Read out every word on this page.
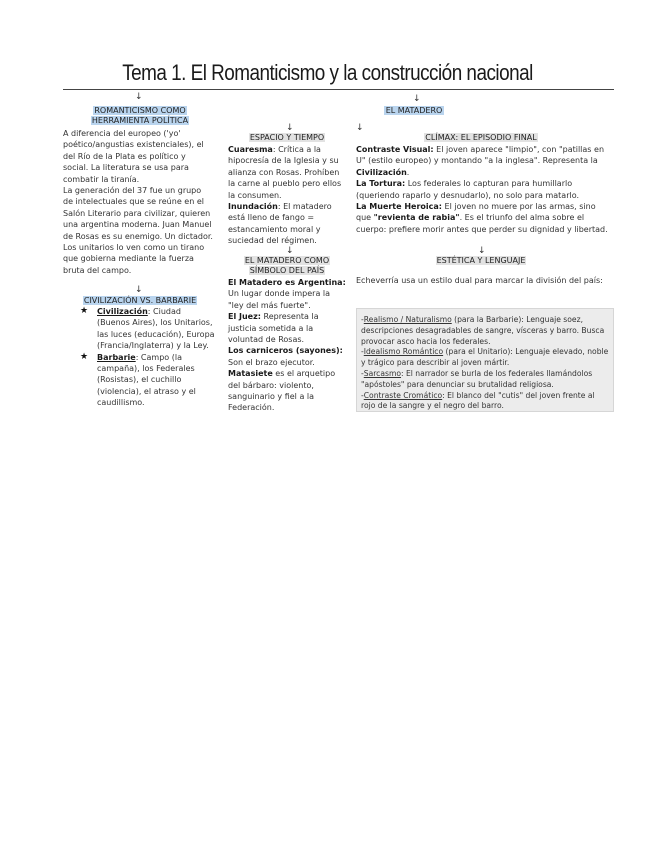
Tema 1. El Romanticismo y la construcción nacional
↓	↓
↓	↓
↓
↓	↓
ROMANTICISMO COMO
HERRAMIENTA POLÍTICA
A diferencia del europeo ('yo' poético/angustias existenciales), el del Río de la Plata es político y social. La literatura se usa para combatir la tiranía.
La generación del 37 fue un grupo de intelectuales que se reúne en el Salón Literario para civilizar, quieren una argentina moderna. Juan Manuel de Rosas es su enemigo. Un dictador. Los unitarios lo ven como un tirano que gobierna mediante la fuerza bruta del campo.
CIVILIZACIÓN VS. BARBARIE
★ Civilización: Ciudad (Buenos Aires), los Unitarios, las luces (educación), Europa (Francia/Inglaterra) y la Ley.
★ Barbarie: Campo (la campaña), los Federales (Rosistas), el cuchillo (violencia), el atraso y el caudillismo.
EL MATADERO
ESPACIO Y TIEMPO
Cuaresma: Crítica a la hipocresía de la Iglesia y su alianza con Rosas. Prohíben la carne al pueblo pero ellos la consumen.
Inundación: El matadero está lleno de fango = estancamiento moral y suciedad del régimen.
EL MATADERO COMO
SÍMBOLO DEL PAÍS
El Matadero es Argentina: Un lugar donde impera la "ley del más fuerte".
El Juez: Representa la justicia sometida a la voluntad de Rosas.
Los carniceros (sayones): Son el brazo ejecutor.
Matasiete es el arquetipo del bárbaro: violento, sanguinario y fiel a la Federación.
CLÍMAX: EL EPISODIO FINAL
Contraste Visual: El joven aparece "limpio", con "patillas en U" (estilo europeo) y montando "a la inglesa". Representa la Civilización.
La Tortura: Los federales lo capturan para humillarlo (queriendo raparlo y desnudarlo), no solo para matarlo.
La Muerte Heroica: El joven no muere por las armas, sino que "revienta de rabia". Es el triunfo del alma sobre el cuerpo: prefiere morir antes que perder su dignidad y libertad.
ESTÉTICA Y LENGUAJE
Echeverría usa un estilo dual para marcar la división del país:
-Realismo / Naturalismo (para la Barbarie): Lenguaje soez, descripciones desagradables de sangre, vísceras y barro. Busca provocar asco hacia los federales.
-Idealismo Romántico (para el Unitario): Lenguaje elevado, noble y trágico para describir al joven mártir.
-Sarcasmo: El narrador se burla de los federales llamándolos "apóstoles" para denunciar su brutalidad religiosa.
-Contraste Cromático: El blanco del "cutis" del joven frente al rojo de la sangre y el negro del barro.
